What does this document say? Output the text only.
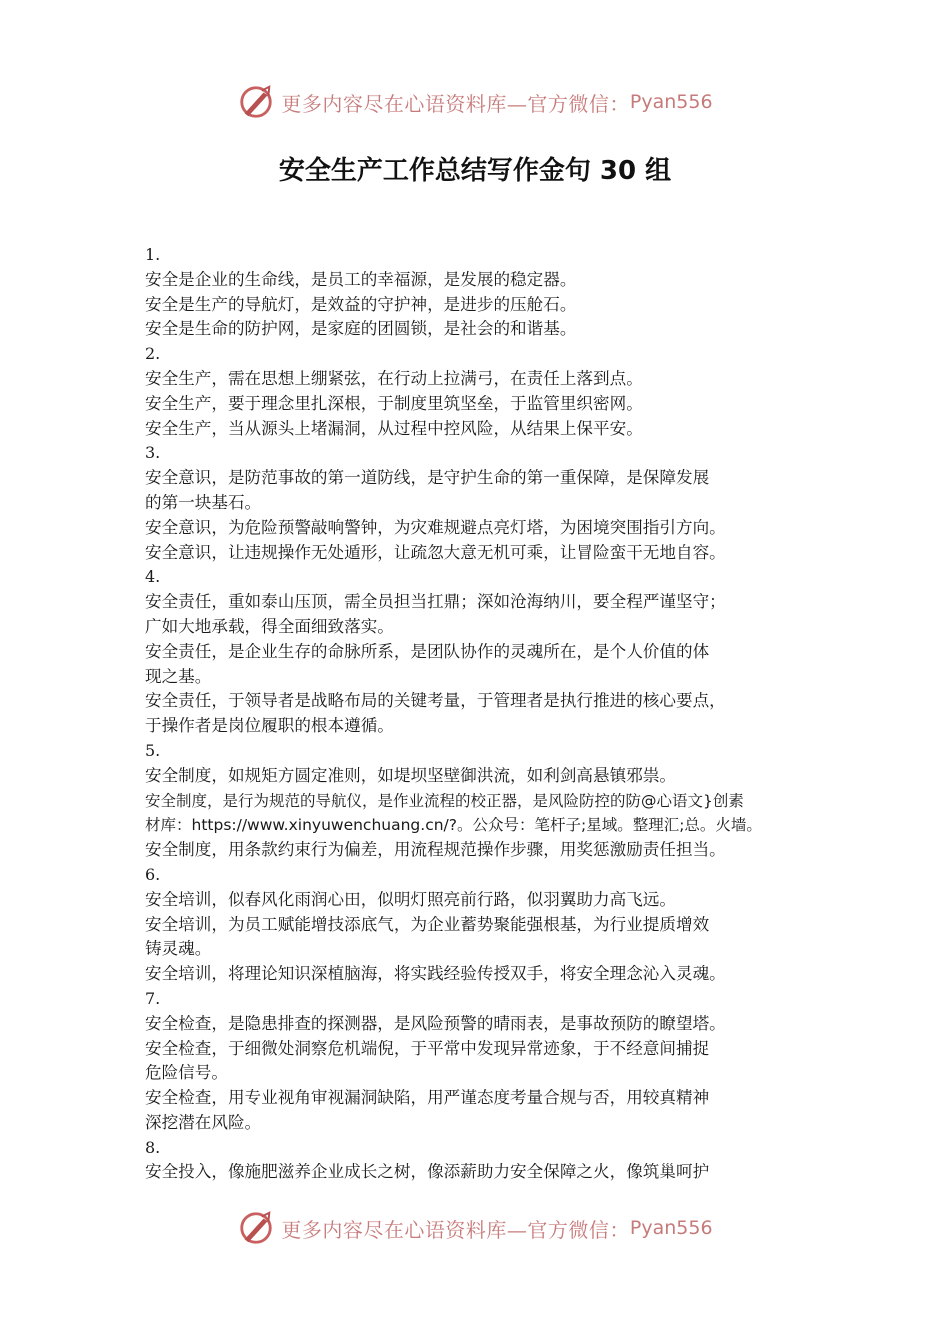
更多内容尽在心语资料库—官方微信： Pyan556
安全生产工作总结写作金句 30 组

1.

安全是企业的生命线，是员工的幸福源，是发展的稳定器。

安全是生产的导航灯，是效益的守护神，是进步的压舱石。

安全是生命的防护网，是家庭的团圆锁，是社会的和谐基。

2.

安全生产，需在思想上绷紧弦，在行动上拉满弓，在责任上落到点。

安全生产，要于理念里扎深根，于制度里筑坚垒，于监管里织密网。

安全生产，当从源头上堵漏洞，从过程中控风险，从结果上保平安。

3.

安全意识，是防范事故的第一道防线，是守护生命的第一重保障，是保障发展

的第一块基石。

安全意识，为危险预警敲响警钟，为灾难规避点亮灯塔，为困境突围指引方向。

安全意识，让违规操作无处遁形，让疏忽大意无机可乘，让冒险蛮干无地自容。

4.

安全责任，重如泰山压顶，需全员担当扛鼎；深如沧海纳川，要全程严谨坚守；

广如大地承载，得全面细致落实。

安全责任，是企业生存的命脉所系，是团队协作的灵魂所在，是个人价值的体

现之基。

安全责任，于领导者是战略布局的关键考量，于管理者是执行推进的核心要点，

于操作者是岗位履职的根本遵循。

5.

安全制度，如规矩方圆定准则，如堤坝坚壁御洪流，如利剑高悬镇邪祟。

安全制度，是行为规范的导航仪，是作业流程的校正器，是风险防控的防@心语文}创素

材库：https://www.xinyuwenchuang.cn/?。公众号：笔杆子;星域。整理汇;总。火墙。

安全制度，用条款约束行为偏差，用流程规范操作步骤，用奖惩激励责任担当。

6.

安全培训，似春风化雨润心田，似明灯照亮前行路，似羽翼助力高飞远。

安全培训，为员工赋能增技添底气，为企业蓄势聚能强根基，为行业提质增效

铸灵魂。

安全培训，将理论知识深植脑海，将实践经验传授双手，将安全理念沁入灵魂。

7.

安全检查，是隐患排查的探测器，是风险预警的晴雨表，是事故预防的瞭望塔。

安全检查，于细微处洞察危机端倪，于平常中发现异常迹象，于不经意间捕捉

危险信号。

安全检查，用专业视角审视漏洞缺陷，用严谨态度考量合规与否，用较真精神

深挖潜在风险。

8.

安全投入，像施肥滋养企业成长之树，像添薪助力安全保障之火，像筑巢呵护

更多内容尽在心语资料库—官方微信： Pyan556
